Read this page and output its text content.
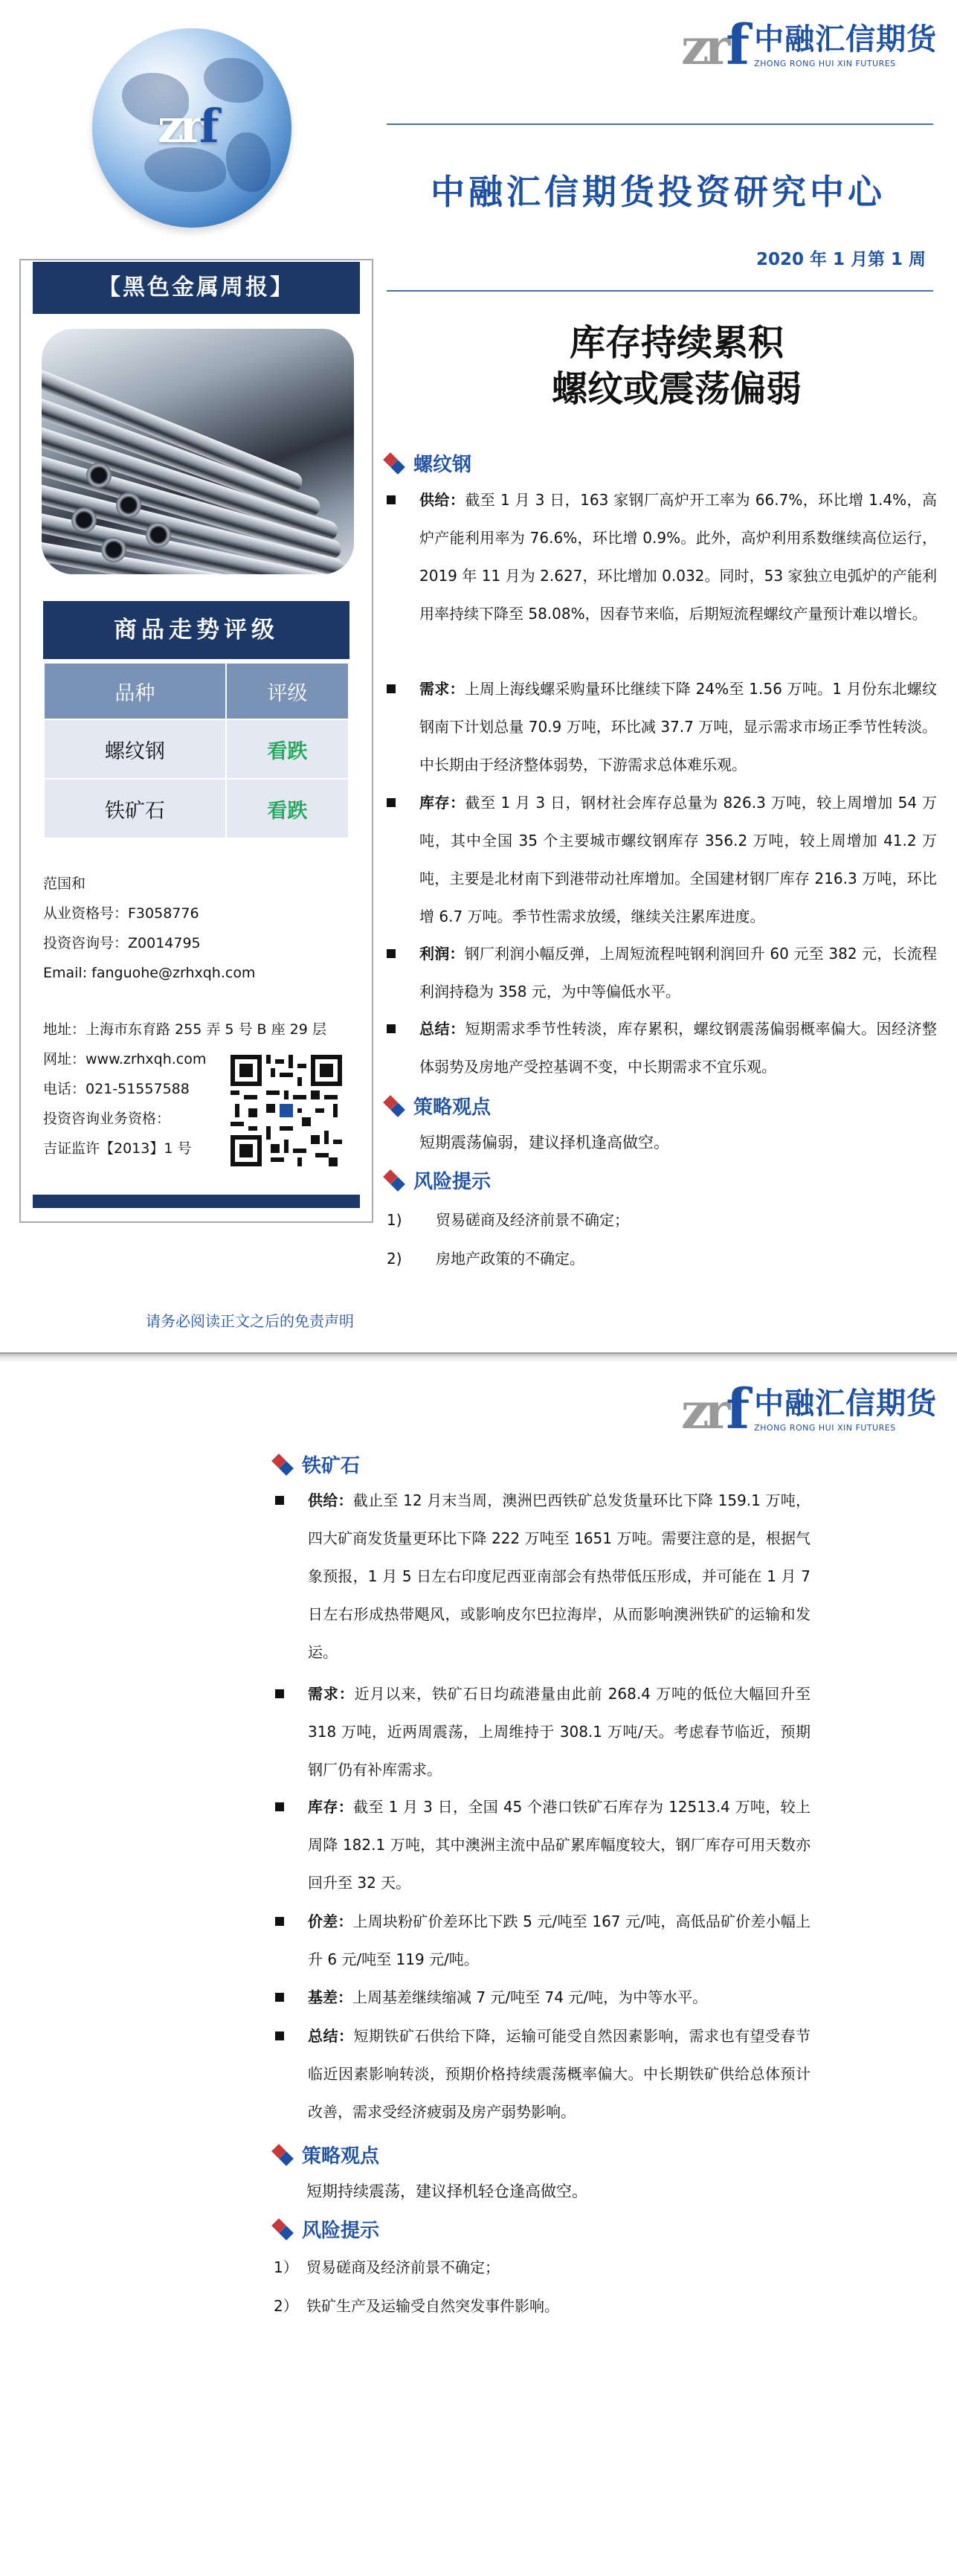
zrf
zrf 中融汇信期货
ZHONG RONG HUI XIN FUTURES
中融汇信期货投资研究中心
2020 年 1 月第 1 周
【黑色金属周报】
商品走势评级
品种	评级
螺纹钢	看跌
铁矿石	看跌
范国和
从业资格号：F3058776
投资咨询号：Z0014795
Email: fanguohe@zrhxqh.com
地址：上海市东育路 255 弄 5 号 B 座 29 层
网址：www.zrhxqh.com
电话：021-51557588
投资咨询业务资格：
吉证监许【2013】1 号
库存持续累积
螺纹或震荡偏弱
螺纹钢
供给：截至 1 月 3 日，163 家钢厂高炉开工率为 66.7%，环比增 1.4%，高炉产能利用率为 76.6%，环比增 0.9%。此外，高炉利用系数继续高位运行，2019 年 11 月为 2.627，环比增加 0.032。同时，53 家独立电弧炉的产能利用率持续下降至 58.08%，因春节来临，后期短流程螺纹产量预计难以增长。
需求：上周上海线螺采购量环比继续下降 24%至 1.56 万吨。1 月份东北螺纹钢南下计划总量 70.9 万吨，环比减 37.7 万吨，显示需求市场正季节性转淡。中长期由于经济整体弱势，下游需求总体难乐观。
库存：截至 1 月 3 日，钢材社会库存总量为 826.3 万吨，较上周增加 54 万吨，其中全国 35 个主要城市螺纹钢库存 356.2 万吨，较上周增加 41.2 万吨，主要是北材南下到港带动社库增加。全国建材钢厂库存 216.3 万吨，环比增 6.7 万吨。季节性需求放缓，继续关注累库进度。
利润：钢厂利润小幅反弹，上周短流程吨钢利润回升 60 元至 382 元，长流程利润持稳为 358 元，为中等偏低水平。
总结：短期需求季节性转淡，库存累积，螺纹钢震荡偏弱概率偏大。因经济整体弱势及房地产受控基调不变，中长期需求不宜乐观。
策略观点
短期震荡偏弱，建议择机逢高做空。
风险提示
1) 贸易磋商及经济前景不确定；
2) 房地产政策的不确定。
请务必阅读正文之后的免责声明
zrf 中融汇信期货
ZHONG RONG HUI XIN FUTURES
铁矿石
供给：截止至 12 月末当周，澳洲巴西铁矿总发货量环比下降 159.1 万吨，四大矿商发货量更环比下降 222 万吨至 1651 万吨。需要注意的是，根据气象预报，1 月 5 日左右印度尼西亚南部会有热带低压形成，并可能在 1 月 7 日左右形成热带飓风，或影响皮尔巴拉海岸，从而影响澳洲铁矿的运输和发运。
需求：近月以来，铁矿石日均疏港量由此前 268.4 万吨的低位大幅回升至 318 万吨，近两周震荡，上周维持于 308.1 万吨/天。考虑春节临近，预期钢厂仍有补库需求。
库存：截至 1 月 3 日，全国 45 个港口铁矿石库存为 12513.4 万吨，较上周降 182.1 万吨，其中澳洲主流中品矿累库幅度较大，钢厂库存可用天数亦回升至 32 天。
价差：上周块粉矿价差环比下跌 5 元/吨至 167 元/吨，高低品矿价差小幅上升 6 元/吨至 119 元/吨。
基差：上周基差继续缩减 7 元/吨至 74 元/吨，为中等水平。
总结：短期铁矿石供给下降，运输可能受自然因素影响，需求也有望受春节临近因素影响转淡，预期价格持续震荡概率偏大。中长期铁矿供给总体预计改善，需求受经济疲弱及房产弱势影响。
策略观点
短期持续震荡，建议择机轻仓逢高做空。
风险提示
1） 贸易磋商及经济前景不确定；
2） 铁矿生产及运输受自然突发事件影响。
